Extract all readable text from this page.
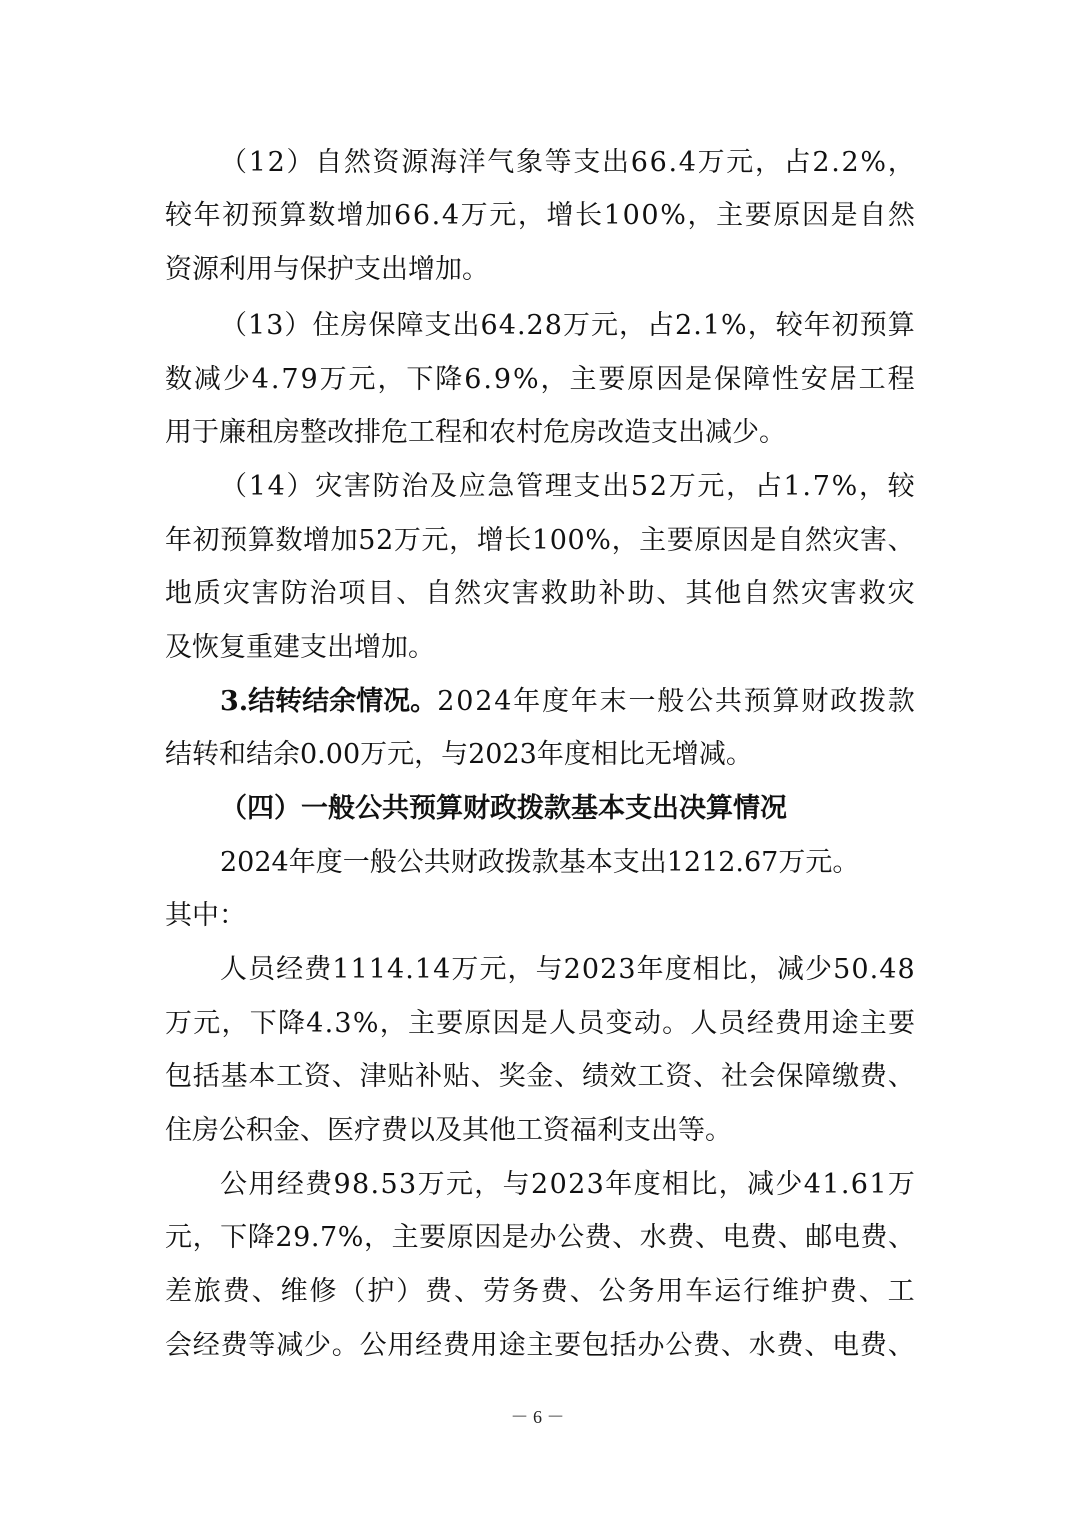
（ 1 2 ） 自 然 资 源 海 洋 气 象 等 支 出 6 6 . 4 万 元 ， 占 2 . 2 % ，
较 年 初 预 算 数 增 加 6 6 . 4 万 元 ， 增 长 1 0 0 % ， 主 要 原 因 是 自 然
资源利用与保护支出增加。
（ 1 3 ） 住 房 保 障 支 出 6 4 . 2 8 万 元 ， 占 2 . 1 % ， 较 年 初 预 算
数 减 少 4 . 7 9 万 元 ， 下 降 6 . 9 % ， 主 要 原 因 是 保 障 性 安 居 工 程
用于廉租房整改排危工程和农村危房改造支出减少。
（ 1 4 ） 灾 害 防 治 及 应 急 管 理 支 出 5 2 万 元 ， 占 1 . 7 % ， 较
年 初 预 算 数 增 加 5 2 万 元 ， 增 长 1 0 0 % ， 主 要 原 因 是 自 然 灾 害 、
地 质 灾 害 防 治 项 目 、 自 然 灾 害 救 助 补 助 、 其 他 自 然 灾 害 救 灾
及恢复重建支出增加。
3.结转结余情况。 2 0 2 4 年 度 年 末 一 般 公 共 预 算 财 政 拨 款
结转和结余0.00万元，与2023年度相比无增减。
（四）一般公共预算财政拨款基本支出决算情况
2024年度一般公共财政拨款基本支出1212.67万元。
其中：
人 员 经 费 1 1 1 4 . 1 4 万 元 ， 与 2 0 2 3 年 度 相 比 ， 减 少 5 0 . 4 8
万 元 ， 下 降 4 . 3 % ， 主 要 原 因 是 人 员 变 动 。 人 员 经 费 用 途 主 要
包 括 基 本 工 资 、 津 贴 补 贴 、 奖 金 、 绩 效 工 资 、 社 会 保 障 缴 费 、
住房公积金、医疗费以及其他工资福利支出等。
公 用 经 费 9 8 . 5 3 万 元 ， 与 2 0 2 3 年 度 相 比 ， 减 少 4 1 . 6 1 万
元 ， 下 降 2 9 . 7 % ， 主 要 原 因 是 办 公 费 、 水 费 、 电 费 、 邮 电 费 、
差 旅 费 、 维 修 （ 护 ） 费 、 劳 务 费 、 公 务 用 车 运 行 维 护 费 、 工
会 经 费 等 减 少 。 公 用 经 费 用 途 主 要 包 括 办 公 费 、 水 费 、 电 费 、
－ 6 －
